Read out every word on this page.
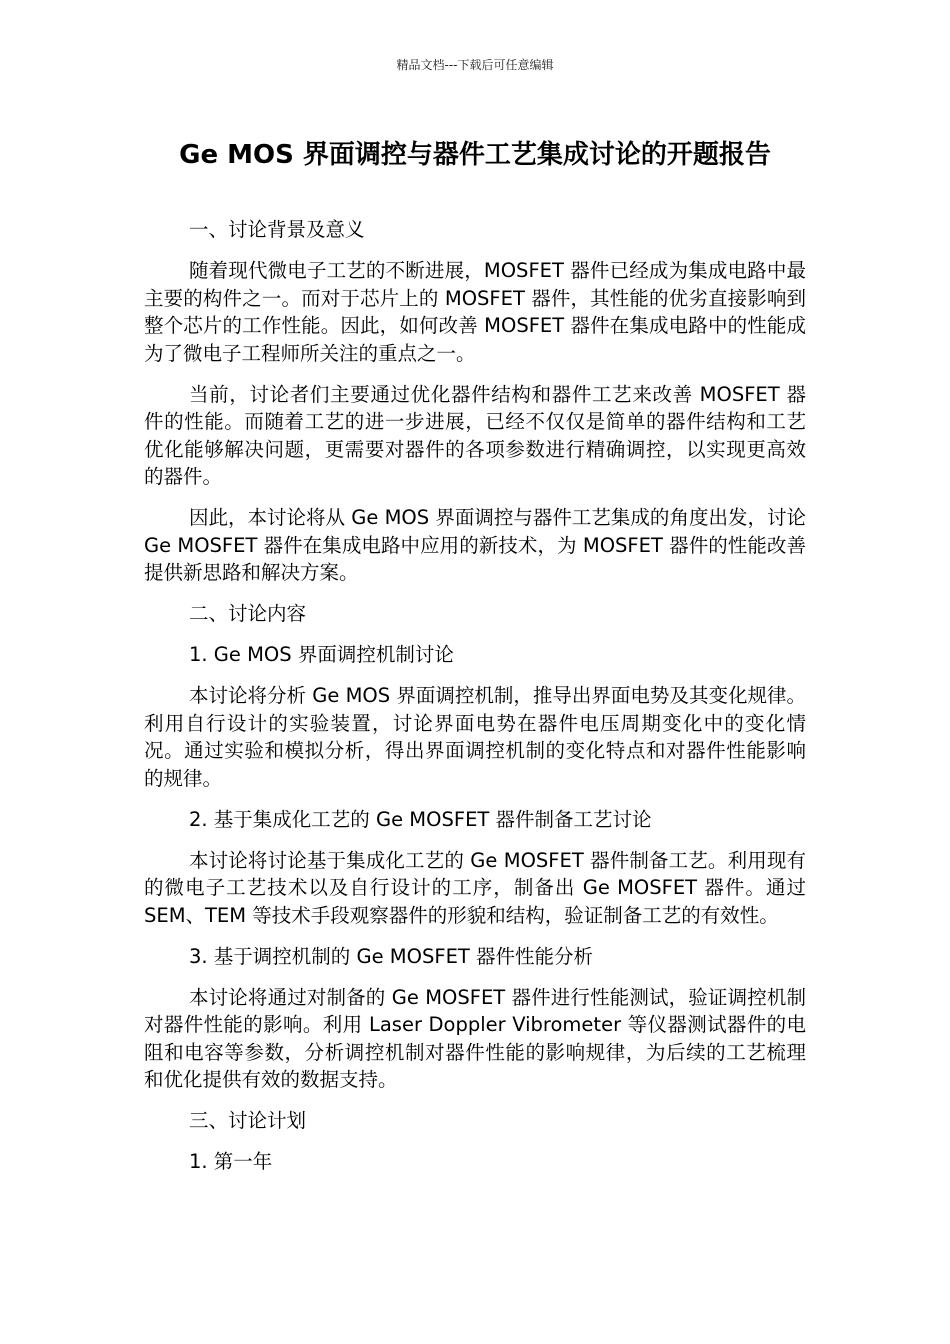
精品文档---下载后可任意编辑
Ge MOS 界面调控与器件工艺集成讨论的开题报告

一、讨论背景及意义

随着现代微电子工艺的不断进展，MOSFET 器件已经成为集成电路中最主要的构件之一。而对于芯片上的 MOSFET 器件，其性能的优劣直接影响到整个芯片的工作性能。因此，如何改善 MOSFET 器件在集成电路中的性能成为了微电子工程师所关注的重点之一。

当前，讨论者们主要通过优化器件结构和器件工艺来改善 MOSFET 器件的性能。而随着工艺的进一步进展，已经不仅仅是简单的器件结构和工艺优化能够解决问题，更需要对器件的各项参数进行精确调控，以实现更高效的器件。

因此，本讨论将从 Ge MOS 界面调控与器件工艺集成的角度出发，讨论 Ge MOSFET 器件在集成电路中应用的新技术，为 MOSFET 器件的性能改善提供新思路和解决方案。

二、讨论内容

1. Ge MOS 界面调控机制讨论

本讨论将分析 Ge MOS 界面调控机制，推导出界面电势及其变化规律。利用自行设计的实验装置，讨论界面电势在器件电压周期变化中的变化情况。通过实验和模拟分析，得出界面调控机制的变化特点和对器件性能影响的规律。

2. 基于集成化工艺的 Ge MOSFET 器件制备工艺讨论

本讨论将讨论基于集成化工艺的 Ge MOSFET 器件制备工艺。利用现有的微电子工艺技术以及自行设计的工序，制备出 Ge MOSFET 器件。通过 SEM、TEM 等技术手段观察器件的形貌和结构，验证制备工艺的有效性。

3. 基于调控机制的 Ge MOSFET 器件性能分析

本讨论将通过对制备的 Ge MOSFET 器件进行性能测试，验证调控机制对器件性能的影响。利用 Laser Doppler Vibrometer 等仪器测试器件的电阻和电容等参数，分析调控机制对器件性能的影响规律，为后续的工艺梳理和优化提供有效的数据支持。

三、讨论计划

1. 第一年
